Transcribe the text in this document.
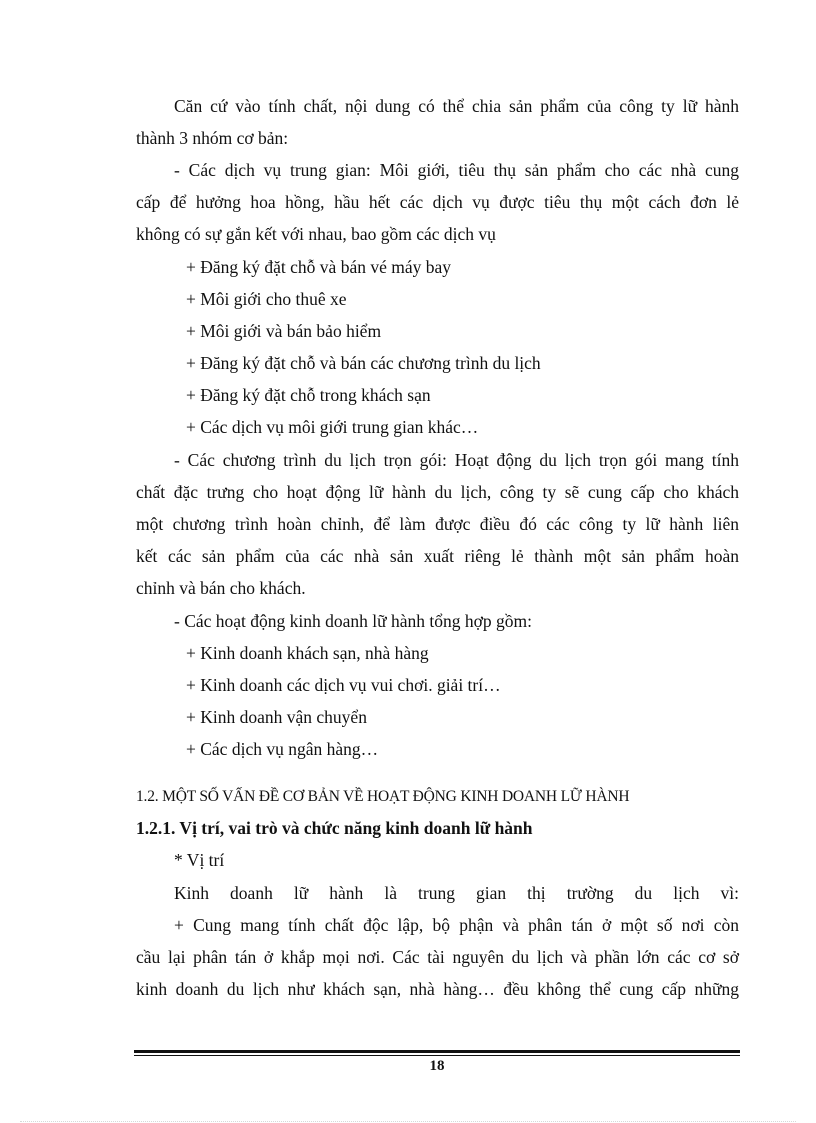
Căn cứ vào tính chất, nội dung có thể chia sản phẩm của công ty lữ hành
thành 3 nhóm cơ bản:
- Các dịch vụ trung gian: Môi giới, tiêu thụ sản phẩm cho các nhà cung
cấp để hưởng hoa hồng, hầu hết các dịch vụ được tiêu thụ một cách đơn lẻ
không có sự gắn kết với nhau, bao gồm các dịch vụ
+ Đăng ký đặt chỗ và bán vé máy bay
+ Môi giới cho thuê xe
+ Môi giới và bán bảo hiểm
+ Đăng ký đặt chỗ và bán các chương trình du lịch
+ Đăng ký đặt chỗ trong khách sạn
+ Các dịch vụ môi giới trung gian khác…
- Các chương trình du lịch trọn gói: Hoạt động du lịch trọn gói mang tính
chất đặc trưng cho hoạt động lữ hành du lịch, công ty sẽ cung cấp cho khách
một chương trình hoàn chỉnh, để làm được điều đó các công ty lữ hành liên
kết các sản phẩm của các nhà sản xuất riêng lẻ thành một sản phẩm hoàn
chỉnh và bán cho khách.
- Các hoạt động kinh doanh lữ hành tổng hợp gồm:
+ Kinh doanh khách sạn, nhà hàng
+ Kinh doanh các dịch vụ vui chơi. giải trí…
+ Kinh doanh vận chuyển
+ Các dịch vụ ngân hàng…
1.2. MỘT SỐ VẤN ĐỀ CƠ BẢN VỀ HOẠT ĐỘNG KINH DOANH LỮ HÀNH
1.2.1. Vị trí, vai trò và chức năng kinh doanh lữ hành
* Vị trí
Kinh doanh lữ hành là trung gian thị trường du lịch vì:
+ Cung mang tính chất độc lập, bộ phận và phân tán ở một số nơi còn
cầu lại phân tán ở khắp mọi nơi. Các tài nguyên du lịch và phần lớn các cơ sở
kinh doanh du lịch như khách sạn, nhà hàng… đều không thể cung cấp những
18
